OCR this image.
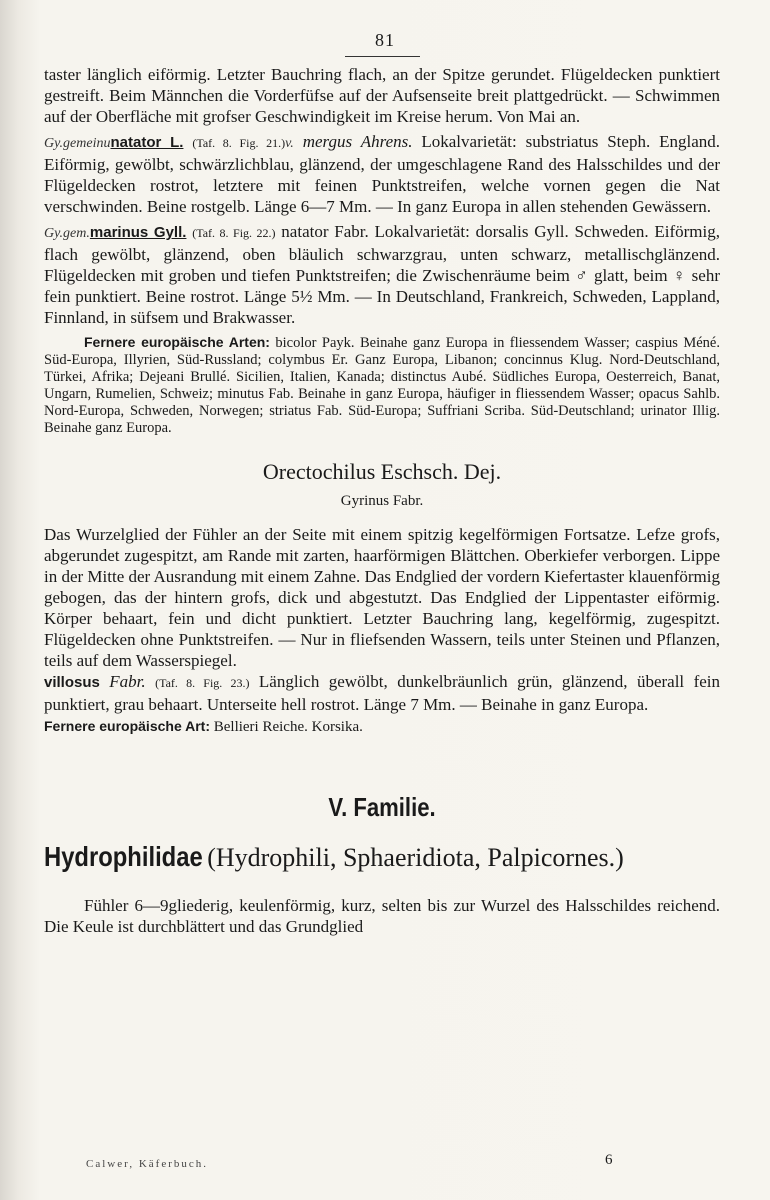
81

taster länglich eiförmig. Letzter Bauchring flach, an der Spitze gerundet. Flügeldecken punktiert gestreift. Beim Männchen die Vorderfüfse auf der Aufsenseite breit plattgedrückt. — Schwimmen auf der Oberfläche mit grofser Geschwindigkeit im Kreise herum. Von Mai an.

Gy.gemeinunatator L. (Taf. 8. Fig. 21.)v. mergus Ahrens. Lokalvarietät: substriatus Steph. England. Eiförmig, gewölbt, schwärzlichblau, glänzend, der umgeschlagene Rand des Halsschildes und der Flügeldecken rostrot, letztere mit feinen Punktstreifen, welche vornen gegen die Nat verschwinden. Beine rostgelb. Länge 6—7 Mm. — In ganz Europa in allen stehenden Gewässern.

Gy.gem.marinus Gyll. (Taf. 8. Fig. 22.) natator Fabr. Lokalvarietät: dorsalis Gyll. Schweden. Eiförmig, flach gewölbt, glänzend, oben bläulich schwarzgrau, unten schwarz, metallischglänzend. Flügeldecken mit groben und tiefen Punktstreifen; die Zwischenräume beim ♂ glatt, beim ♀ sehr fein punktiert. Beine rostrot. Länge 5½ Mm. — In Deutschland, Frankreich, Schweden, Lappland, Finnland, in süfsem und Brakwasser.

Fernere europäische Arten: bicolor Payk. Beinahe ganz Europa in fliessendem Wasser; caspius Méné. Süd-Europa, Illyrien, Süd-Russland; colymbus Er. Ganz Europa, Libanon; concinnus Klug. Nord-Deutschland, Türkei, Afrika; Dejeani Brullé. Sicilien, Italien, Kanada; distinctus Aubé. Südliches Europa, Oesterreich, Banat, Ungarn, Rumelien, Schweiz; minutus Fab. Beinahe in ganz Europa, häufiger in fliessendem Wasser; opacus Sahlb. Nord-Europa, Schweden, Norwegen; striatus Fab. Süd-Europa; Suffriani Scriba. Süd-Deutschland; urinator Illig. Beinahe ganz Europa.

Orectochilus Eschsch. Dej.
Gyrinus Fabr.

Das Wurzelglied der Fühler an der Seite mit einem spitzig kegelförmigen Fortsatze. Lefze grofs, abgerundet zugespitzt, am Rande mit zarten, haarförmigen Blättchen. Oberkiefer verborgen. Lippe in der Mitte der Ausrandung mit einem Zahne. Das Endglied der vordern Kiefertaster klauenförmig gebogen, das der hintern grofs, dick und abgestutzt. Das Endglied der Lippentaster eiförmig. Körper behaart, fein und dicht punktiert. Letzter Bauchring lang, kegelförmig, zugespitzt. Flügeldecken ohne Punktstreifen. — Nur in fliefsenden Wassern, teils unter Steinen und Pflanzen, teils auf dem Wasserspiegel.

villosus Fabr. (Taf. 8. Fig. 23.) Länglich gewölbt, dunkelbräunlich grün, glänzend, überall fein punktiert, grau behaart. Unterseite hell rostrot. Länge 7 Mm. — Beinahe in ganz Europa.

Fernere europäische Art: Bellieri Reiche. Korsika.

V. Familie.
Hydrophilidae (Hydrophili, Sphaeridiota, Palpicornes.)

Fühler 6—9gliederig, keulenförmig, kurz, selten bis zur Wurzel des Halsschildes reichend. Die Keule ist durchblättert und das Grundglied

Calwer, Käferbuch.	6
